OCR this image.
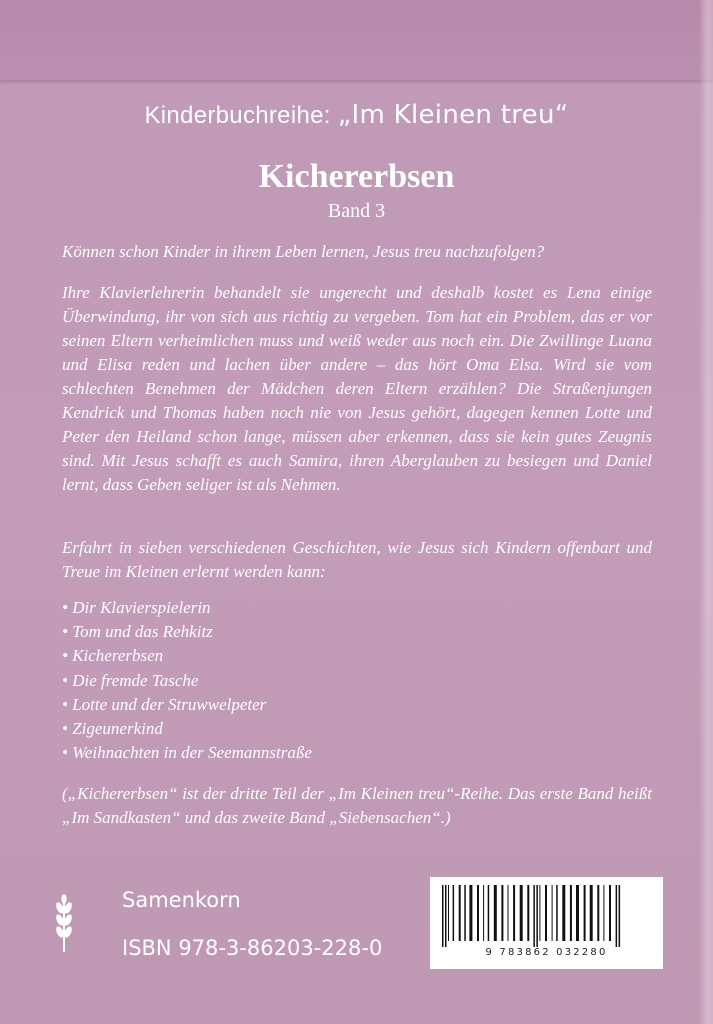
Kinderbuchreihe: „Im Kleinen treu“
Kichererbsen
Band 3
Können schon Kinder in ihrem Leben lernen, Jesus treu nachzufolgen?
Ihre Klavierlehrerin behandelt sie ungerecht und deshalb kostet es Lena einige Überwindung, ihr von sich aus richtig zu vergeben. Tom hat ein Problem, das er vor seinen Eltern verheimlichen muss und weiß weder aus noch ein. Die Zwillinge Luana und Elisa reden und lachen über andere – das hört Oma Elsa. Wird sie vom schlechten Benehmen der Mädchen deren Eltern erzählen? Die Straßenjungen Kendrick und Thomas haben noch nie von Jesus gehört, dagegen kennen Lotte und Peter den Heiland schon lange, müssen aber erkennen, dass sie kein gutes Zeugnis sind. Mit Jesus schafft es auch Samira, ihren Aberglauben zu besiegen und Daniel lernt, dass Geben seliger ist als Nehmen.
Erfahrt in sieben verschiedenen Geschichten, wie Jesus sich Kindern offenbart und Treue im Kleinen erlernt werden kann:
• Dir Klavierspielerin
• Tom und das Rehkitz
• Kichererbsen
• Die fremde Tasche
• Lotte und der Struwwelpeter
• Zigeunerkind
• Weihnachten in der Seemannstraße
(„Kichererbsen“ ist der dritte Teil der „Im Kleinen treu“-Reihe. Das erste Band heißt „Im Sandkasten“ und das zweite Band „Siebensachen“.)
Samenkorn
ISBN 978-3-86203-228-0	9 783862 032280
